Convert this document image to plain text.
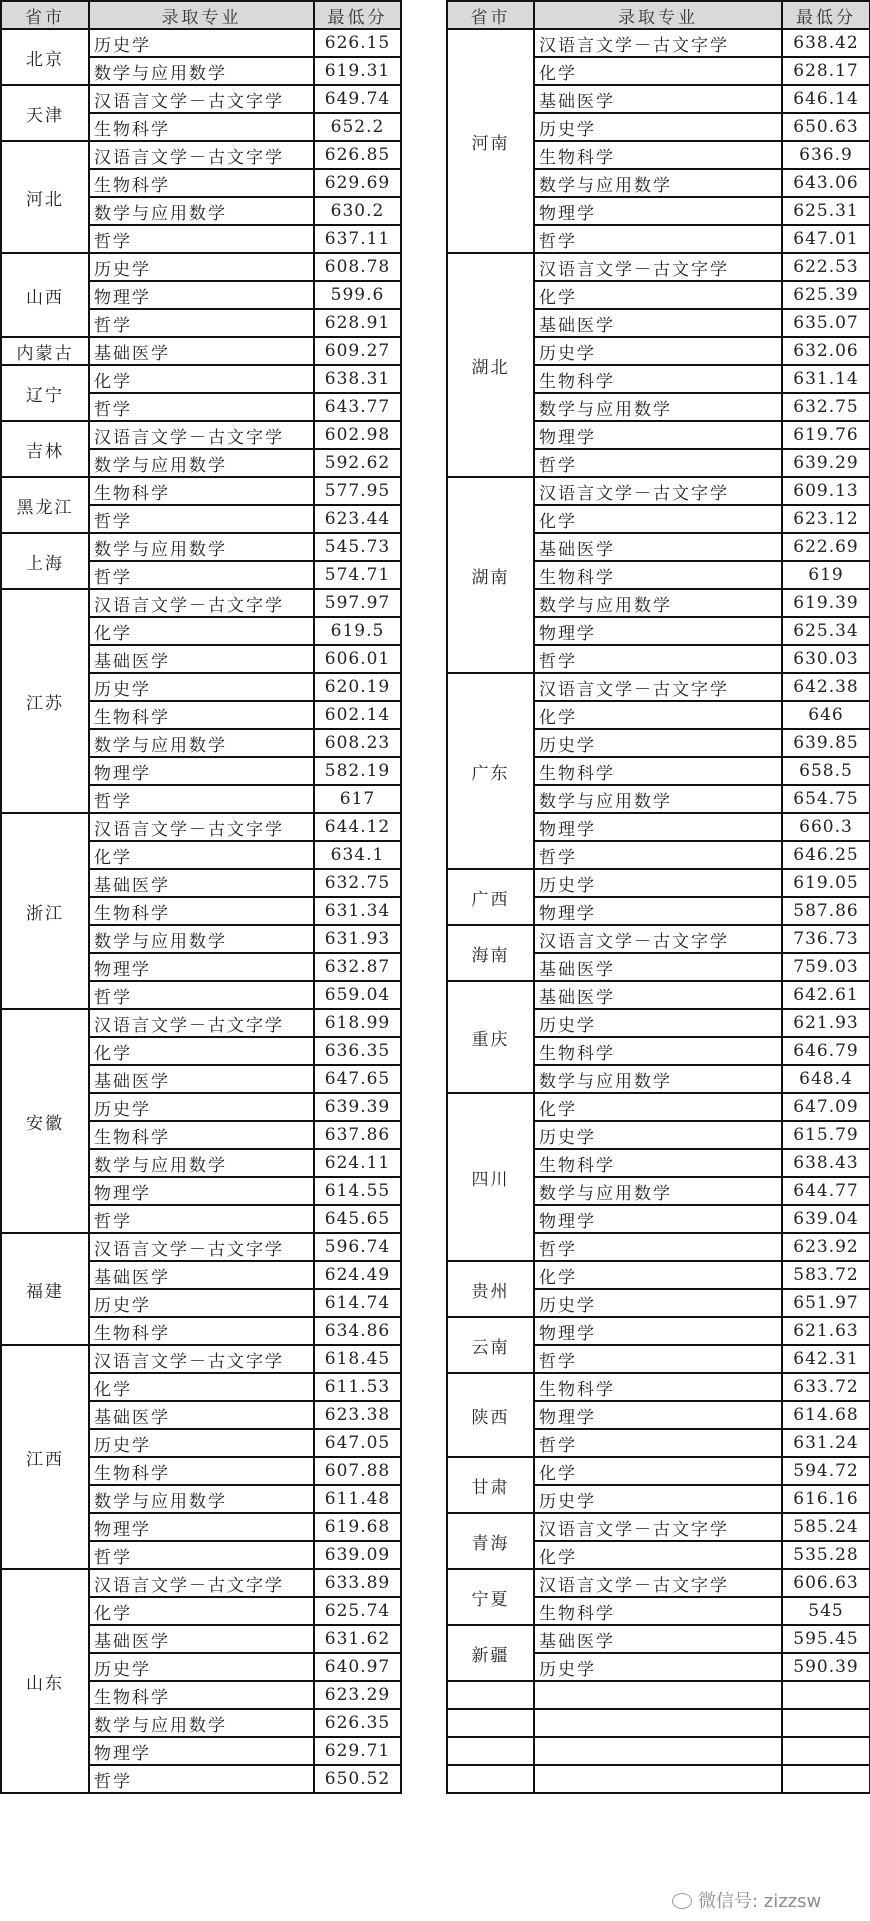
省市	录取专业	最低分
北京	历史学	626.15
	数学与应用数学	619.31
天津	汉语言文学－古文字学	649.74
	生物科学	652.2
河北	汉语言文学－古文字学	626.85
	生物科学	629.69
	数学与应用数学	630.2
	哲学	637.11
山西	历史学	608.78
	物理学	599.6
	哲学	628.91
内蒙古	基础医学	609.27
辽宁	化学	638.31
	哲学	643.77
吉林	汉语言文学－古文字学	602.98
	数学与应用数学	592.62
黑龙江	生物科学	577.95
	哲学	623.44
上海	数学与应用数学	545.73
	哲学	574.71
江苏	汉语言文学－古文字学	597.97
	化学	619.5
	基础医学	606.01
	历史学	620.19
	生物科学	602.14
	数学与应用数学	608.23
	物理学	582.19
	哲学	617
浙江	汉语言文学－古文字学	644.12
	化学	634.1
	基础医学	632.75
	生物科学	631.34
	数学与应用数学	631.93
	物理学	632.87
	哲学	659.04
安徽	汉语言文学－古文字学	618.99
	化学	636.35
	基础医学	647.65
	历史学	639.39
	生物科学	637.86
	数学与应用数学	624.11
	物理学	614.55
	哲学	645.65
福建	汉语言文学－古文字学	596.74
	基础医学	624.49
	历史学	614.74
	生物科学	634.86
江西	汉语言文学－古文字学	618.45
	化学	611.53
	基础医学	623.38
	历史学	647.05
	生物科学	607.88
	数学与应用数学	611.48
	物理学	619.68
	哲学	639.09
山东	汉语言文学－古文字学	633.89
	化学	625.74
	基础医学	631.62
	历史学	640.97
	生物科学	623.29
	数学与应用数学	626.35
	物理学	629.71
	哲学	650.52
省市	录取专业	最低分
河南	汉语言文学－古文字学	638.42
	化学	628.17
	基础医学	646.14
	历史学	650.63
	生物科学	636.9
	数学与应用数学	643.06
	物理学	625.31
	哲学	647.01
湖北	汉语言文学－古文字学	622.53
	化学	625.39
	基础医学	635.07
	历史学	632.06
	生物科学	631.14
	数学与应用数学	632.75
	物理学	619.76
	哲学	639.29
湖南	汉语言文学－古文字学	609.13
	化学	623.12
	基础医学	622.69
	生物科学	619
	数学与应用数学	619.39
	物理学	625.34
	哲学	630.03
广东	汉语言文学－古文字学	642.38
	化学	646
	历史学	639.85
	生物科学	658.5
	数学与应用数学	654.75
	物理学	660.3
	哲学	646.25
广西	历史学	619.05
	物理学	587.86
海南	汉语言文学－古文字学	736.73
	基础医学	759.03
重庆	基础医学	642.61
	历史学	621.93
	生物科学	646.79
	数学与应用数学	648.4
四川	化学	647.09
	历史学	615.79
	生物科学	638.43
	数学与应用数学	644.77
	物理学	639.04
	哲学	623.92
贵州	化学	583.72
	历史学	651.97
云南	物理学	621.63
	哲学	642.31
陕西	生物科学	633.72
	物理学	614.68
	哲学	631.24
甘肃	化学	594.72
	历史学	616.16
青海	汉语言文学－古文字学	585.24
	化学	535.28
宁夏	汉语言文学－古文字学	606.63
	生物科学	545
新疆	基础医学	595.45
	历史学	590.39

微信号: zizzsw
